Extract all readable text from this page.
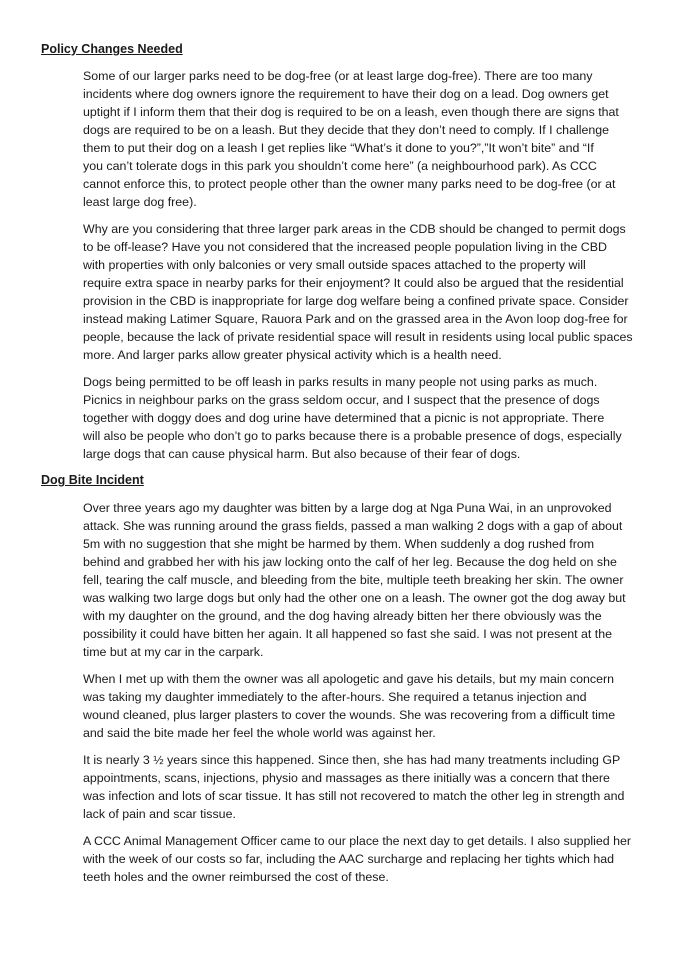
Policy Changes Needed
Some of our larger parks need to be dog-free (or at least large dog-free). There are too many
incidents where dog owners ignore the requirement to have their dog on a lead. Dog owners get
uptight if I inform them that their dog is required to be on a leash, even though there are signs that
dogs are required to be on a leash. But they decide that they don’t need to comply. If I challenge
them to put their dog on a leash I get replies like “What’s it done to you?”,”It won’t bite” and “If
you can’t tolerate dogs in this park you shouldn’t come here” (a neighbourhood park). As CCC
cannot enforce this, to protect people other than the owner many parks need to be dog-free (or at
least large dog free).
Why are you considering that three larger park areas in the CDB should be changed to permit dogs
to be off-lease? Have you not considered that the increased people population living in the CBD
with properties with only balconies or very small outside spaces attached to the property will
require extra space in nearby parks for their enjoyment? It could also be argued that the residential
provision in the CBD is inappropriate for large dog welfare being a confined private space. Consider
instead making Latimer Square, Rauora Park and on the grassed area in the Avon loop dog-free for
people, because the lack of private residential space will result in residents using local public spaces
more. And larger parks allow greater physical activity which is a health need.
Dogs being permitted to be off leash in parks results in many people not using parks as much.
Picnics in neighbour parks on the grass seldom occur, and I suspect that the presence of dogs
together with doggy does and dog urine have determined that a picnic is not appropriate. There
will also be people who don’t go to parks because there is a probable presence of dogs, especially
large dogs that can cause physical harm. But also because of their fear of dogs.
Dog Bite Incident
Over three years ago my daughter was bitten by a large dog at Nga Puna Wai, in an unprovoked
attack. She was running around the grass fields, passed a man walking 2 dogs with a gap of about
5m with no suggestion that she might be harmed by them. When suddenly a dog rushed from
behind and grabbed her with his jaw locking onto the calf of her leg. Because the dog held on she
fell, tearing the calf muscle, and bleeding from the bite, multiple teeth breaking her skin. The owner
was walking two large dogs but only had the other one on a leash. The owner got the dog away but
with my daughter on the ground, and the dog having already bitten her there obviously was the
possibility it could have bitten her again. It all happened so fast she said. I was not present at the
time but at my car in the carpark.
When I met up with them the owner was all apologetic and gave his details, but my main concern
was taking my daughter immediately to the after-hours. She required a tetanus injection and
wound cleaned, plus larger plasters to cover the wounds. She was recovering from a difficult time
and said the bite made her feel the whole world was against her.
It is nearly 3 ½ years since this happened. Since then, she has had many treatments including GP
appointments, scans, injections, physio and massages as there initially was a concern that there
was infection and lots of scar tissue. It has still not recovered to match the other leg in strength and
lack of pain and scar tissue.
A CCC Animal Management Officer came to our place the next day to get details. I also supplied her
with the week of our costs so far, including the AAC surcharge and replacing her tights which had
teeth holes and the owner reimbursed the cost of these.
